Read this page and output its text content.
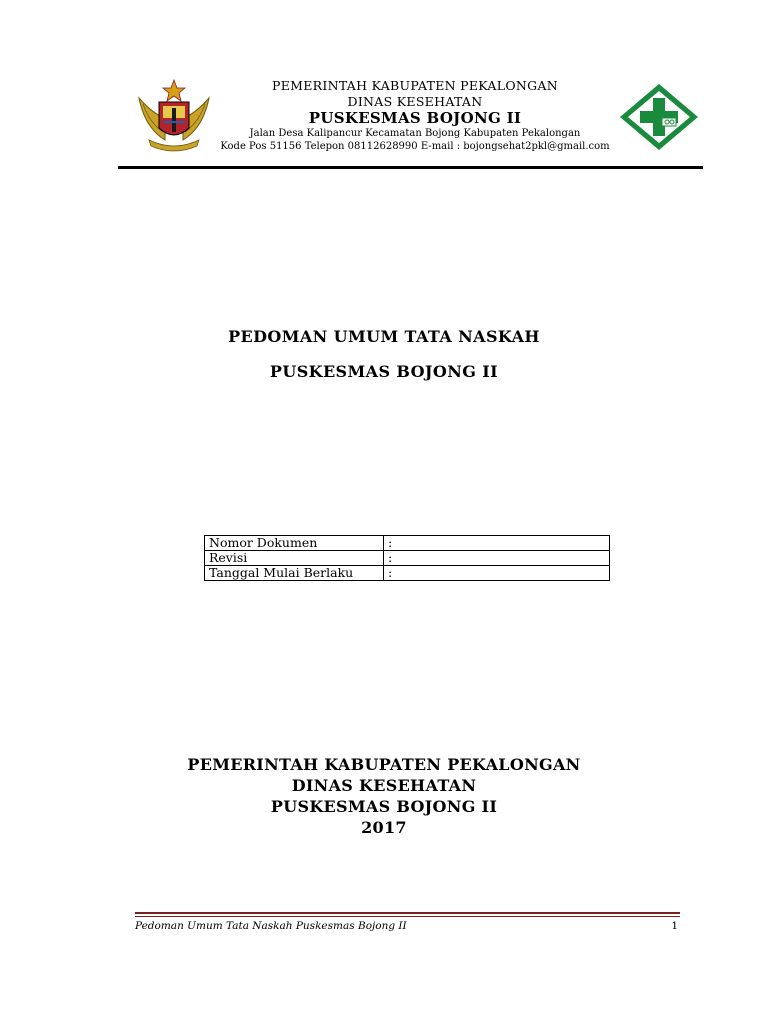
PEMERINTAH KABUPATEN PEKALONGAN
DINAS KESEHATAN
PUSKESMAS BOJONG II
Jalan Desa Kalipancur Kecamatan Bojong Kabupaten Pekalongan
Kode Pos 51156 Telepon 08112628990 E-mail : bojongsehat2pkl@gmail.com
PEDOMAN UMUM TATA NASKAH
PUSKESMAS BOJONG II
Nomor Dokumen	:
Revisi	:
Tanggal Mulai Berlaku	:
PEMERINTAH KABUPATEN PEKALONGAN
DINAS KESEHATAN
PUSKESMAS BOJONG II
2017
Pedoman Umum Tata Naskah Puskesmas Bojong II	1
